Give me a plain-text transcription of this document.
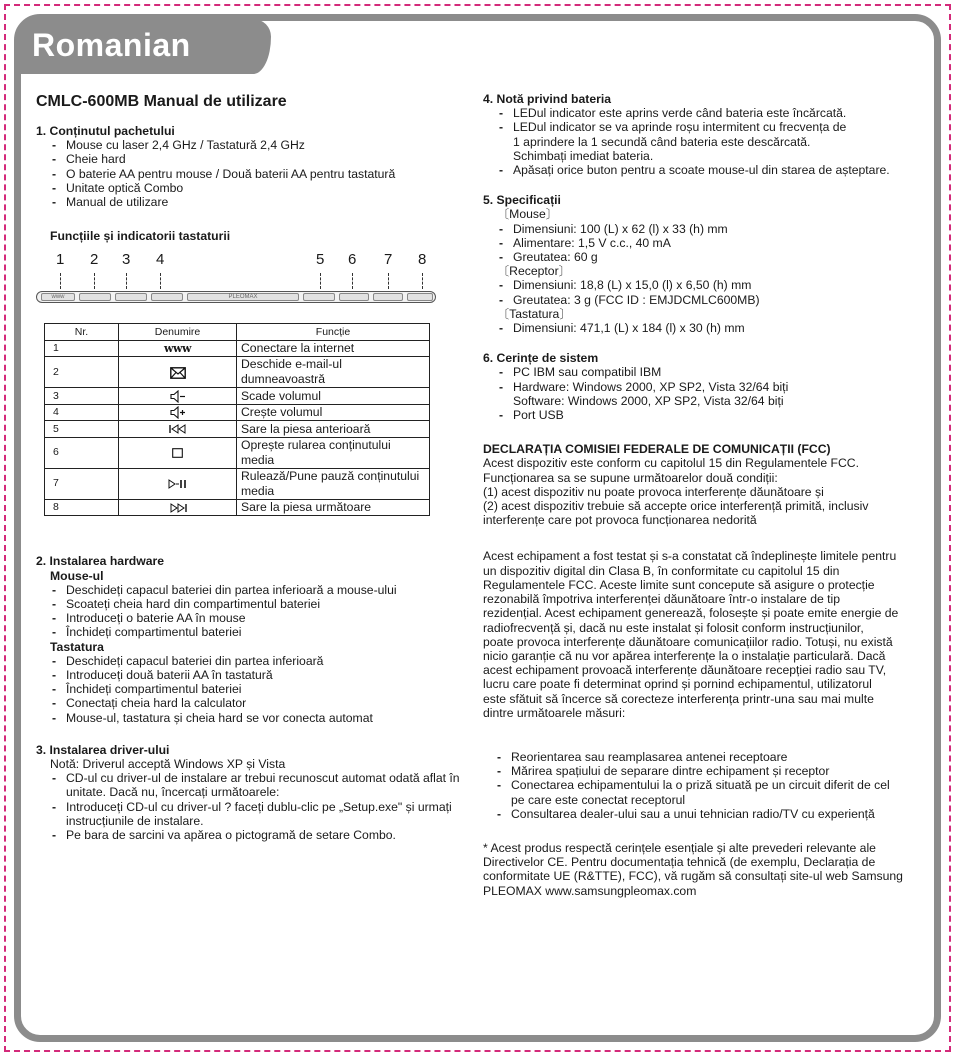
Romanian
CMLC-600MB Manual de utilizare
1. Conținutul pachetului
- Mouse cu laser 2,4 GHz / Tastatură 2,4 GHz
- Cheie hard
- O baterie AA pentru mouse / Două baterii AA pentru tastatură
- Unitate optică Combo
- Manual de utilizare
Funcțiile și indicatorii tastaturii
1 2 3 4	5 6 7 8
www	PLEOMAX
Nr.	Denumire	Funcție
1	www	Conectare la internet
2		Deschide e-mail-ul dumneavoastră
3		Scade volumul
4		Crește volumul
5		Sare la piesa anterioară
6		Oprește rularea conținutului media
7		Rulează/Pune pauză conținutului media
8		Sare la piesa următoare
2. Instalarea hardware
Mouse-ul
- Deschideți capacul bateriei din partea inferioară a mouse-ului
- Scoateți cheia hard din compartimentul bateriei
- Introduceți o baterie AA în mouse
- Închideți compartimentul bateriei
Tastatura
- Deschideți capacul bateriei din partea inferioară
- Introduceți două baterii AA în tastatură
- Închideți compartimentul bateriei
- Conectați cheia hard la calculator
- Mouse-ul, tastatura și cheia hard se vor conecta automat
3. Instalarea driver-ului
Notă: Driverul acceptă Windows XP și Vista
- CD-ul cu driver-ul de instalare ar trebui recunoscut automat odată aflat în unitate. Dacă nu, încercați următoarele:
- Introduceți CD-ul cu driver-ul ? faceți dublu-clic pe „Setup.exe" și urmați instrucțiunile de instalare.
- Pe bara de sarcini va apărea o pictogramă de setare Combo.
4. Notă privind bateria
- LEDul indicator este aprins verde când bateria este încărcată.
- LEDul indicator se va aprinde roșu intermitent cu frecvența de
1 aprindere la 1 secundă când bateria este descărcată.
Schimbați imediat bateria.
- Apăsați orice buton pentru a scoate mouse-ul din starea de așteptare.
5. Specificații
〔Mouse〕
- Dimensiuni: 100 (L) x 62 (l) x 33 (h) mm
- Alimentare: 1,5 V c.c., 40 mA
- Greutatea: 60 g
〔Receptor〕
- Dimensiuni: 18,8 (L) x 15,0 (l) x 6,50 (h) mm
- Greutatea: 3 g (FCC ID : EMJDCMLC600MB)
〔Tastatura〕
- Dimensiuni: 471,1 (L) x 184 (l) x 30 (h) mm
6. Cerințe de sistem
- PC IBM sau compatibil IBM
- Hardware: Windows 2000, XP SP2, Vista 32/64 biți
Software: Windows 2000, XP SP2, Vista 32/64 biți
- Port USB
DECLARAȚIA COMISIEI FEDERALE DE COMUNICAȚII (FCC)
Acest dispozitiv este conform cu capitolul 15 din Regulamentele FCC.
Funcționarea sa se supune următoarelor două condiții:
(1) acest dispozitiv nu poate provoca interferențe dăunătoare și
(2) acest dispozitiv trebuie să accepte orice interferență primită, inclusiv
interferențe care pot provoca funcționarea nedorită
Acest echipament a fost testat și s-a constatat că îndeplinește limitele pentru
un dispozitiv digital din Clasa B, în conformitate cu capitolul 15 din
Regulamentele FCC. Aceste limite sunt concepute să asigure o protecție
rezonabilă împotriva interferenței dăunătoare într-o instalare de tip
rezidențial. Acest echipament generează, folosește și poate emite energie de
radiofrecvență și, dacă nu este instalat și folosit conform instrucțiunilor,
poate provoca interferențe dăunătoare comunicațiilor radio. Totuși, nu există
nicio garanție că nu vor apărea interferențe la o instalație particulară. Dacă
acest echipament provoacă interferențe dăunătoare recepției radio sau TV,
lucru care poate fi determinat oprind și pornind echipamentul, utilizatorul
este sfătuit să încerce să corecteze interferența printr-una sau mai multe
dintre următoarele măsuri:
- Reorientarea sau reamplasarea antenei receptoare
- Mărirea spațiului de separare dintre echipament și receptor
- Conectarea echipamentului la o priză situată pe un circuit diferit de cel
pe care este conectat receptorul
- Consultarea dealer-ului sau a unui tehnician radio/TV cu experiență
* Acest produs respectă cerințele esențiale și alte prevederi relevante ale
Directivelor CE. Pentru documentația tehnică (de exemplu, Declarația de
conformitate UE (R&TTE), FCC), vă rugăm să consultați site-ul web Samsung
PLEOMAX www.samsungpleomax.com
